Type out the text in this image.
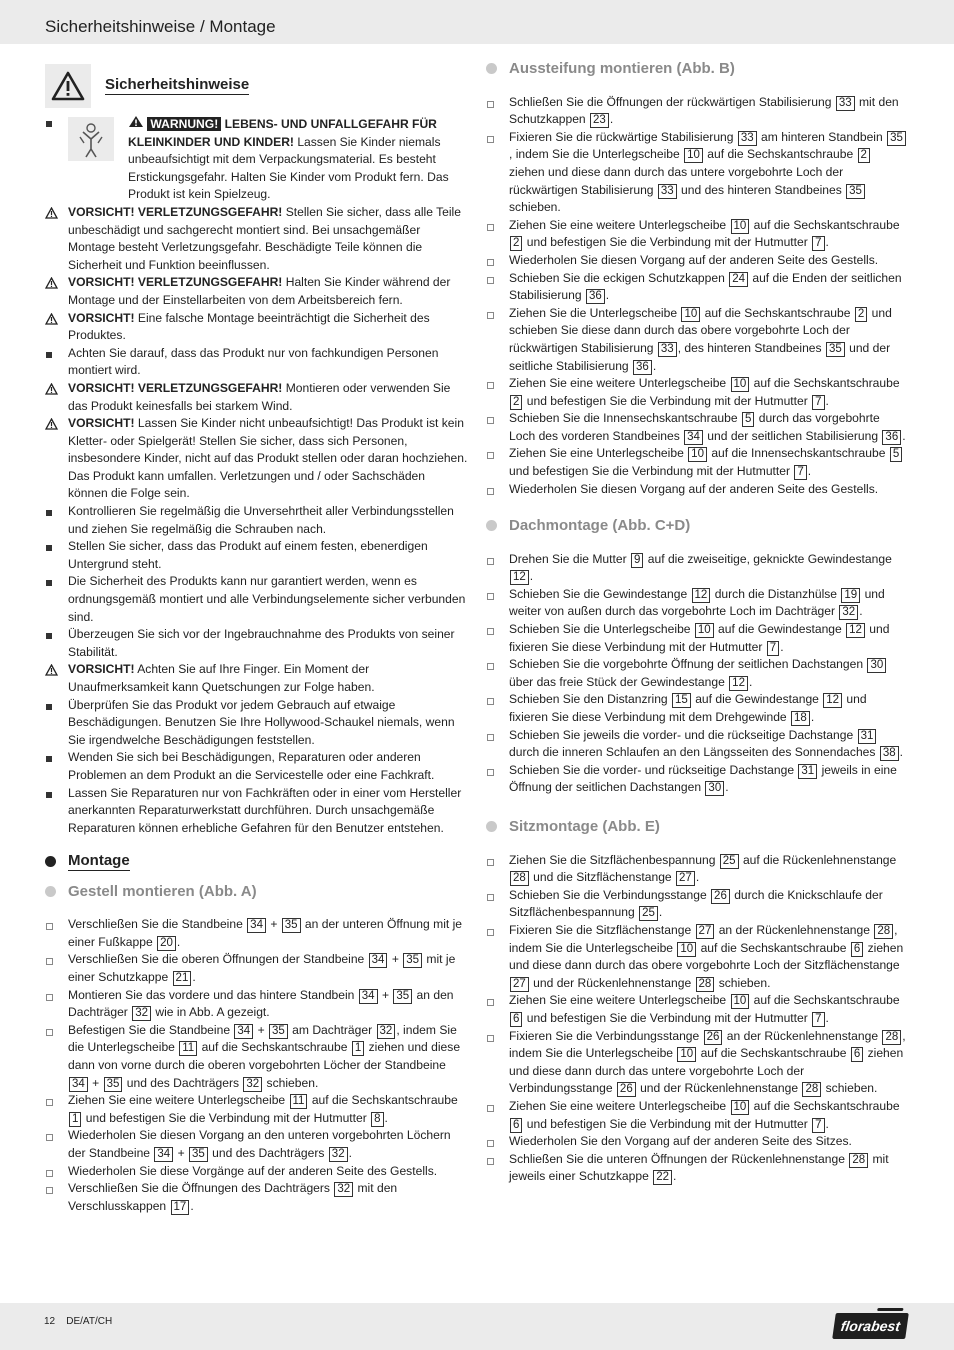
Sicherheitshinweise / Montage
Sicherheitshinweise
WARNUNG! LEBENS- UND UNFALLGEFAHR FÜR KLEINKINDER UND KINDER! Lassen Sie Kinder niemals unbeaufsichtigt mit dem Verpackungsmaterial. Es besteht Erstickungsgefahr. Halten Sie Kinder vom Produkt fern. Das Produkt ist kein Spielzeug.

VORSICHT! VERLETZUNGSGEFAHR! Stellen Sie sicher, dass alle Teile unbeschädigt und sachgerecht montiert sind. Bei unsachgemäßer Montage besteht Verletzungsgefahr. Beschädigte Teile können die Sicherheit und Funktion beeinflussen.

VORSICHT! VERLETZUNGSGEFAHR! Halten Sie Kinder während der Montage und der Einstellarbeiten von dem Arbeitsbereich fern.

VORSICHT! Eine falsche Montage beeinträchtigt die Sicherheit des Produktes.

Achten Sie darauf, dass das Produkt nur von fachkundigen Personen montiert wird.

VORSICHT! VERLETZUNGSGEFAHR! Montieren oder verwenden Sie das Produkt keinesfalls bei starkem Wind.

VORSICHT! Lassen Sie Kinder nicht unbeaufsichtigt! Das Produkt ist kein Kletter- oder Spielgerät! Stellen Sie sicher, dass sich Personen, insbesondere Kinder, nicht auf das Produkt stellen oder daran hochziehen. Das Produkt kann umfallen. Verletzungen und / oder Sachschäden können die Folge sein.

Kontrollieren Sie regelmäßig die Unversehrtheit aller Verbindungsstellen und ziehen Sie regelmäßig die Schrauben nach.

Stellen Sie sicher, dass das Produkt auf einem festen, ebenerdigen Untergrund steht.

Die Sicherheit des Produkts kann nur garantiert werden, wenn es ordnungsgemäß montiert und alle Verbindungselemente sicher verbunden sind.

Überzeugen Sie sich vor der Ingebrauchnahme des Produkts von seiner Stabilität.

VORSICHT! Achten Sie auf Ihre Finger. Ein Moment der Unaufmerksamkeit kann Quetschungen zur Folge haben.

Überprüfen Sie das Produkt vor jedem Gebrauch auf etwaige Beschädigungen. Benutzen Sie Ihre Hollywood-Schaukel niemals, wenn Sie irgendwelche Beschädigungen feststellen.

Wenden Sie sich bei Beschädigungen, Reparaturen oder anderen Problemen an dem Produkt an die Servicestelle oder eine Fachkraft.

Lassen Sie Reparaturen nur von Fachkräften oder in einer vom Hersteller anerkannten Reparaturwerkstatt durchführen. Durch unsachgemäße Reparaturen können erhebliche Gefahren für den Benutzer entstehen.

Montage
Gestell montieren (Abb. A)

Verschließen Sie die Standbeine 34 + 35 an der unteren Öffnung mit je einer Fußkappe 20 .

Verschließen Sie die oberen Öffnungen der Standbeine 34 + 35 mit je einer Schutzkappe 21 .

Montieren Sie das vordere und das hintere Standbein 34 + 35 an den Dachträger 32 wie in Abb. A gezeigt.

Befestigen Sie die Standbeine 34 + 35 am Dachträger 32 , indem Sie die Unterlegscheibe 11 auf die Sechskantschraube 1 ziehen und diese dann von vorne durch die oberen vorgebohrten Löcher der Standbeine 34 + 35 und des Dachträgers 32 schieben.

Ziehen Sie eine weitere Unterlegscheibe 11 auf die Sechskantschraube 1 und befestigen Sie die Verbindung mit der Hutmutter 8 .

Wiederholen Sie diesen Vorgang an den unteren vorgebohrten Löchern der Standbeine 34 + 35 und des Dachträgers 32 .

Wiederholen Sie diese Vorgänge auf der anderen Seite des Gestells.

Verschließen Sie die Öffnungen des Dachträgers 32 mit den Verschlusskappen 17 .

Aussteifung montieren (Abb. B)

Schließen Sie die Öffnungen der rückwärtigen Stabilisierung 33 mit den Schutzkappen 23 .

Fixieren Sie die rückwärtige Stabilisierung 33 am hinteren Standbein 35, indem Sie die Unterlegscheibe 10 auf die Sechskantschraube 2 ziehen und diese dann durch das untere vorgebohrte Loch der rückwärtigen Stabilisierung 33 und des hinteren Standbeines 35 schieben.

Ziehen Sie eine weitere Unterlegscheibe 10 auf die Sechskantschraube 2 und befestigen Sie die Verbindung mit der Hutmutter 7 .

Wiederholen Sie diesen Vorgang auf der anderen Seite des Gestells.

Schieben Sie die eckigen Schutzkappen 24 auf die Enden der seitlichen Stabilisierung 36 .

Ziehen Sie die Unterlegscheibe 10 auf die Sechskantschraube 2 und schieben Sie diese dann durch das obere vorgebohrte Loch der rückwärtigen Stabilisierung 33 , des hinteren Standbeines 35 und der seitliche Stabilisierung 36 .

Ziehen Sie eine weitere Unterlegscheibe 10 auf die Sechskantschraube 2 und befestigen Sie die Verbindung mit der Hutmutter 7 .

Schieben Sie die Innensechskantschraube 5 durch das vorgebohrte Loch des vorderen Standbeines 34 und der seitlichen Stabilisierung 36 .

Ziehen Sie eine Unterlegscheibe 10 auf die Innensechskantschraube 5 und befestigen Sie die Verbindung mit der Hutmutter 7 .

Wiederholen Sie diesen Vorgang auf der anderen Seite des Gestells.

Dachmontage (Abb. C+D)

Drehen Sie die Mutter 9 auf die zweiseitige, geknickte Gewindestange 12 .

Schieben Sie die Gewindestange 12 durch die Distanzhülse 19 und weiter von außen durch das vorgebohrte Loch im Dachträger 32 .

Schieben Sie die Unterlegscheibe 10 auf die Gewindestange 12 und fixieren Sie diese Verbindung mit der Hutmutter 7 .

Schieben Sie die vorgebohrte Öffnung der seitlichen Dachstangen 30 über das freie Stück der Gewindestange 12 .

Schieben Sie den Distanzring 15 auf die Gewindestange 12 und fixieren Sie diese Verbindung mit dem Drehgewinde 18 .

Schieben Sie jeweils die vorder- und die rückseitige Dachstange 31 durch die inneren Schlaufen an den Längsseiten des Sonnendaches 38 .

Schieben Sie die vorder- und rückseitige Dachstange 31 jeweils in eine Öffnung der seitlichen Dachstangen 30 .

Sitzmontage (Abb. E)

Ziehen Sie die Sitzflächenbespannung 25 auf die Rückenlehnenstange 28 und die Sitzflächenstange 27 .

Schieben Sie die Verbindungsstange 26 durch die Knickschlaufe der Sitzflächenbespannung 25 .

Fixieren Sie die Sitzflächenstange 27 an der Rückenlehnenstange 28 , indem Sie die Unterlegscheibe 10 auf die Sechskantschraube 6 ziehen und diese dann durch das obere vorgebohrte Loch der Sitzflächenstange 27 und der Rückenlehnenstange 28 schieben.

Ziehen Sie eine weitere Unterlegscheibe 10 auf die Sechskantschraube 6 und befestigen Sie die Verbindung mit der Hutmutter 7 .

Fixieren Sie die Verbindungsstange 26 an der Rückenlehnenstange 28 , indem Sie die Unterlegscheibe 10 auf die Sechskantschraube 6 ziehen und diese dann durch das untere vorgebohrte Loch der Verbindungsstange 26 und der Rückenlehnenstange 28 schieben.

Ziehen Sie eine weitere Unterlegscheibe 10 auf die Sechskantschraube 6 und befestigen Sie die Verbindung mit der Hutmutter 7 .

Wiederholen Sie den Vorgang auf der anderen Seite des Sitzes.

Schließen Sie die unteren Öffnungen der Rückenlehnenstange 28 mit jeweils einer Schutzkappe 22 .

12 DE/AT/CH	florabest
